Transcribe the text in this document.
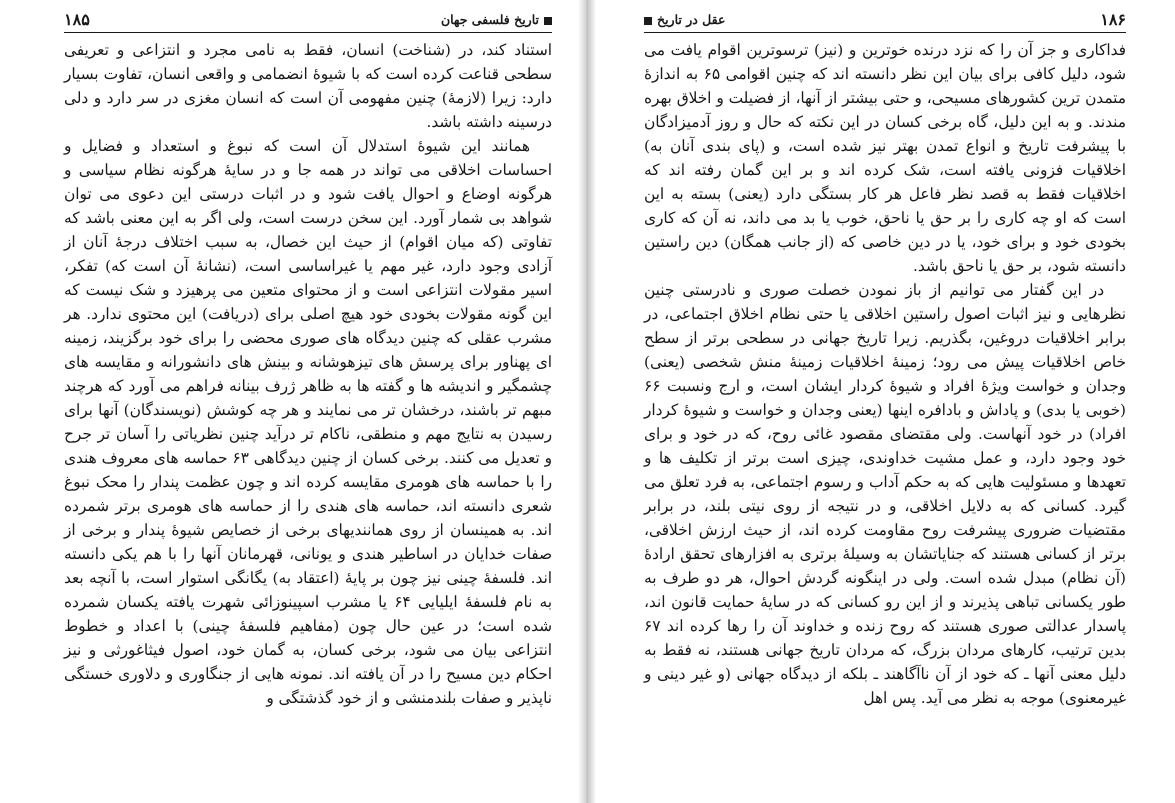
۱۸۵	تاریخ فلسفی جهان

استناد کند، در (شناخت) انسان، فقط به نامی مجرد و انتزاعی و تعریفی سطحی قناعت کرده است که با شیوهٔ انضمامی و واقعی انسان، تفاوت بسیار دارد: زیرا (لازمهٔ) چنین مفهومی آن است که انسان مغزی در سر دارد و دلی درسینه داشته باشد.

همانند این شیوهٔ استدلال آن است که نبوغ و استعداد و فضایل و احساسات اخلاقی می تواند در همه جا و در سایهٔ هرگونه نظام سیاسی و هرگونه اوضاع و احوال یافت شود و در اثبات درستی این دعوی می توان شواهد بی شمار آورد. این سخن درست است، ولی اگر به این معنی باشد که تفاوتی (که میان اقوام) از حیث این خصال، به سبب اختلاف درجهٔ آنان از آزادی وجود دارد، غیر مهم یا غیراساسی است، (نشانهٔ آن است که) تفکر، اسیر مقولات انتزاعی است و از محتوای متعین می پرهیزد و شک نیست که این گونه مقولات بخودی خود هیچ اصلی برای (دریافت) این محتوی ندارد. هر مشرب عقلی که چنین دیدگاه های صوری محضی را برای خود برگزیند، زمینه ای پهناور برای پرسش های تیزهوشانه و بینش های دانشورانه و مقایسه های چشمگیر و اندیشه ها و گفته ها به ظاهر ژرف بینانه فراهم می آورد که هرچند مبهم تر باشند، درخشان تر می نمایند و هر چه کوشش (نویسندگان) آنها برای رسیدن به نتایج مهم و منطقی، ناکام تر درآید چنین نظریاتی را آسان تر جرح و تعدیل می کنند. برخی کسان از چنین دیدگاهی ۶۳ حماسه های معروف هندی را با حماسه های هومری مقایسه کرده اند و چون عظمت پندار را محک نبوغ شعری دانسته اند، حماسه های هندی را از حماسه های هومری برتر شمرده اند. به همینسان از روی همانندیهای برخی از خصایص شیوهٔ پندار و برخی از صفات خدایان در اساطیر هندی و یونانی، قهرمانان آنها را با هم یکی دانسته اند. فلسفهٔ چینی نیز چون بر پایهٔ (اعتقاد به) یگانگی استوار است، با آنچه بعد به نام فلسفهٔ ایلیایی ۶۴ یا مشرب اسپینوزائی شهرت یافته یکسان شمرده شده است؛ در عین حال چون (مفاهیم فلسفهٔ چینی) با اعداد و خطوط انتزاعی بیان می شود، برخی کسان، به گمان خود، اصول فیثاغورثی و نیز احکام دین مسیح را در آن یافته اند. نمونه هایی از جنگاوری و دلاوری خستگی ناپذیر و صفات بلندمنشی و از خود گذشتگی و

۱۸۶
عقل در تاریخ

فداکاری و جز آن را که نزد درنده خوترین و (نیز) ترسوترین اقوام یافت می شود، دلیل کافی برای بیان این نظر دانسته اند که چنین اقوامی ۶۵ به اندازهٔ متمدن ترین کشورهای مسیحی، و حتی بیشتر از آنها، از فضیلت و اخلاق بهره مندند. و به این دلیل، گاه برخی کسان در این نکته که حال و روز آدمیزادگان با پیشرفت تاریخ و انواع تمدن بهتر نیز شده است، و (پای بندی آنان به) اخلاقیات فزونی یافته است، شک کرده اند و بر این گمان رفته اند که اخلاقیات فقط به قصد نظر فاعل هر کار بستگی دارد (یعنی) بسته به این است که او چه کاری را بر حق یا ناحق، خوب یا بد می داند، نه آن که کاری بخودی خود و برای خود، یا در دین خاصی که (از جانب همگان) دین راستین دانسته شود، بر حق یا ناحق باشد.

در این گفتار می توانیم از باز نمودن خصلت صوری و نادرستی چنین نظرهایی و نیز اثبات اصول راستین اخلاقی یا حتی نظام اخلاق اجتماعی، در برابر اخلاقیات دروغین، بگذریم. زیرا تاریخ جهانی در سطحی برتر از سطح خاص اخلاقیات پیش می رود؛ زمینهٔ اخلاقیات زمینهٔ منش شخصی (یعنی) وجدان و خواست ویژهٔ افراد و شیوهٔ کردار ایشان است، و ارج ونسبت ۶۶ (خوبی یا بدی) و پاداش و بادافره اینها (یعنی وجدان و خواست و شیوهٔ کردار افراد) در خود آنهاست. ولی مقتضای مقصود غائی روح، که در خود و برای خود وجود دارد، و عمل مشیت خداوندی، چیزی است برتر از تکلیف ها و تعهدها و مسئولیت هایی که به حکم آداب و رسوم اجتماعی، به فرد تعلق می گیرد. کسانی که به دلایل اخلاقی، و در نتیجه از روی نیتی بلند، در برابر مقتضیات ضروری پیشرفت روح مقاومت کرده اند، از حیث ارزش اخلاقی، برتر از کسانی هستند که جنایاتشان به وسیلهٔ برتری به افزارهای تحقق ارادهٔ (آن نظام) مبدل شده است. ولی در اینگونه گردش احوال، هر دو طرف به طور یکسانی تباهی پذیرند و از این رو کسانی که در سایهٔ حمایت قانون اند، پاسدار عدالتی صوری هستند که روح زنده و خداوند آن را رها کرده اند ۶۷ بدین ترتیب، کارهای مردان بزرگ، که مردان تاریخ جهانی هستند، نه فقط به دلیل معنی آنها ـ که خود از آن ناآگاهند ـ بلکه از دیدگاه جهانی (و غیر دینی و غیرمعنوی) موجه به نظر می آید. پس اهل
